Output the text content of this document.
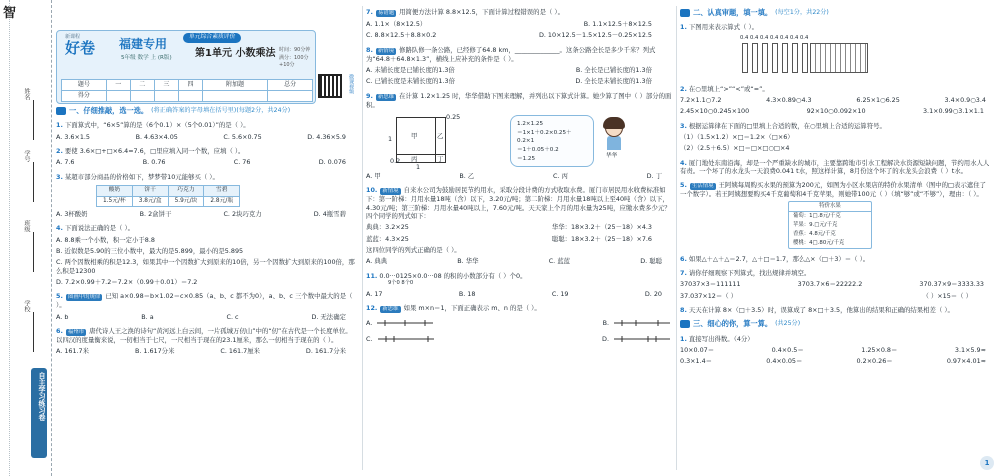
智
姓名
学号
班级
学校
自主学习练习卷
新课程
好卷	福建专用
5年级 数学 上 (R版)
单元综合素质评价
第1单元 小数乘法 时间：90分钟
满分：100分+10分
题号	一	二	三	四	附加题	总分
得分						
微课视频
一、仔细推敲，选一选。 (将正确答案的字母填在括号里)(每题2分，共24分)
1. 下面算式中，“6×5”算的是（6个0.1）×（5个0.01）”的是（ ）。
A. 3.6×1.5	B. 4.63×4.05	C. 5.6×0.75	D. 4.36×5.9
2. 要使 3.6×□+□×6.4=7.6，□里应填入同一个数，应填（ ）。
A. 7.6	B. 0.76	C. 76	D. 0.076
3. 某超市部分商品的价格如下，梦梦带10元能够买（ ）。
酸奶	饼干	巧克力	雪碧
1.5元/杯	3.8元/盒	5.9元/块	2.8元/瓶
A. 3杯酸奶	B. 2盒饼干	C. 2块巧克力	D. 4瓶雪碧
4. 下面说法正确的是（ ）。
A. 8.8乘一个小数，积一定小于8.8
B. 近似数是5.90的三位小数中，最大的是5.899，最小的是5.895
C. 两个因数相乘的积是12.3，如果其中一个因数扩大到原来的10倍，另一个因数扩大到原来的100倍，那么积是12300
D. 7.2×0.99＋7.2＝7.2×（0.99＋0.01）＝7.2
5. 图画中的规律 已知 a×0.98＝b×1.02＝c×0.85（a、b、c 都不为0），a、b、c 三个数中最大的是（ ）。
A. b	B. a	C. c	D. 无法确定
6. 福州市 唐代诗人王之涣的诗句“黄河远上白云间，一片孤城万仞山”中的“仞”在古代是一个长度单位。以四汉的度量衡来说，一仞相当于七尺，一尺相当于现在的23.1厘米，那么一仞相当于现在的（ ）。
A. 161.7米	B. 1.617分米	C. 161.7厘米	D. 161.7分米
7. 易错题 用简便方法计算 8.8×12.5，下面计算过程错误的是（ ）。
A. 1.1×（8×12.5）	B. 1.1×12.5＋8×12.5
C. 8.8×12.5＋8.8×0.2	D. 10×12.5－1.5×12.5－0.25×12.5
8. 新情境 修路队修一条公路，已经修了64.8 km，______________。这条公路全长是多少千米？列式为“64.8＋64.8×1.3”，横线上应补充的条件是（ ）。
A. 未铺长度是已铺长度的1.3倍	B. 全长是已铺长度的1.3倍
C. 已铺长度是未铺长度的1.3倍	D. 全长是未铺长度的1.3倍
9. 新思维 在计算 1.2×1.25 时，华华借助下图来理解，并列出以下算式计算。她少算了图中（ ）部分的面积。
1
0.25
甲	乙
丙	丁
0.2
1
1.2×1.25
＝1×1＋0.2×0.25＋0.2×1
＝1＋0.05＋0.2
＝1.25	华华
A. 甲	B. 乙	C. 丙	D. 丁
10. 新情境 自来水公司为鼓励居民节约用水，采取分段计费的方式收取水费。厦门市居民用水收费标准如下：第一阶梯：月用水量18吨（含）以下，3.20元/吨；第二阶梯：月用水量18吨以上至40吨（含）以下，4.30元/吨；第三阶梯：月用水量40吨以上，7.60元/吨。天天家上个月的用水量为25吨，应缴水费多少元？四个同学的列式如下：
典典：3.2×25	华华：18×3.2＋（25－18）×4.3
蓝蓝：4.3×25	聪聪：18×3.2＋（25－18）×7.6
这四位同学的列式正确的是（ ）。
A. 典典	B. 华华	C. 蓝蓝	D. 聪聪
11. 0.0···0125×0.0···08 的积的小数部分有（ ）个0。
9个0 8个0
A. 17	B. 18	C. 19	D. 20
12. 新思维 如果 m×n＝1，下面正确表示 m、n 的是（ ）。
A.	B.
C.	D.
二、认真审题，填一填。 (每空1分，共22分)
1. 下图用来表示算式（ ）。
0.4 0.4 0.4 0.4 0.4 0.4 0.4
2. 在○里填上“>”“<”或“=”。
7.2×1.1○7.2	4.3×0.89○4.3	6.25×1○6.25	3.4×0.9○3.4
2.45×10○0.245×100	92×10○0.092×10	3.1×0.99○3.1×1.1
3. 根据运算律在下面的□里填上合适的数，在○里填上合适的运算符号。
（1）（1.5×1.2）×□＝1.2×（□×6）
（2）（2.5＋6.5）×□＝□×□○□×4
4. 厦门地处东南沿海，却是一个严重缺水的城市，主要靠跨地市引水工程解决水资源短缺问题，节约用水人人有责。一个坏了的水龙头一天浪费0.041 t水，照这样计算，8月份这个坏了的水龙头会浪费（ ）t水。
5. 生活情境 王阿姨每周购买水果的预算为200元，如图为小区水果店的特价水果清单（图中的□表示遮住了一个数字）。若王阿姨想要购买4千克葡萄和4千克苹果，则她带100元（ ）（填“够”或“不够”），理由：（ ）。
特价水果
葡萄：1□.8元/千克
苹果：9.□元/千克
香蕉：4.8元/千克
樱桃：4□.80元/千克
6. 如果△＋△＋△＝2.7，△＋□＝1.7，那么△×（□＋3）＝（ ）。
7. 请你仔细观察下列算式，找出规律并填空。
37037×3＝111111	3703.7×6＝22222.2	370.37×9＝3333.33
37.037×12＝（ ）	（ ）×15＝（ ）
8. 天天在计算 8×（□＋3.5）时，误算成了 8×□＋3.5，他算出的结果和正确的结果相差（ ）。
三、细心的你，算一算。 (共25分)
1. 直接写出得数。（4分）
10×0.07＝	0.4×0.5＝	1.25×0.8＝	3.1×5.9≈
0.3×1.4＝	0.4×0.05＝	0.2×0.26＝	0.97×4.01≈
1
